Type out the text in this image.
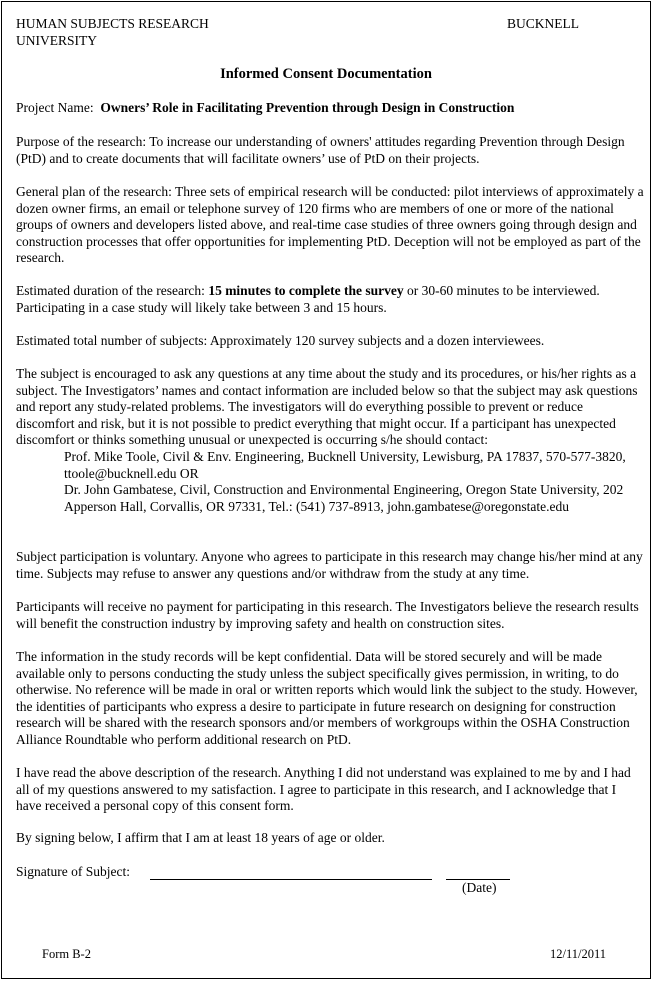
HUMAN SUBJECTS RESEARCH
UNIVERSITY
BUCKNELL
Informed Consent Documentation

Project Name: Owners’ Role in Facilitating Prevention through Design in Construction

Purpose of the research: To increase our understanding of owners' attitudes regarding Prevention through Design (PtD) and to create documents that will facilitate owners’ use of PtD on their projects.

General plan of the research: Three sets of empirical research will be conducted: pilot interviews of approximately a dozen owner firms, an email or telephone survey of 120 firms who are members of one or more of the national groups of owners and developers listed above, and real-time case studies of three owners going through design and construction processes that offer opportunities for implementing PtD. Deception will not be employed as part of the research.

Estimated duration of the research: 15 minutes to complete the survey or 30-60 minutes to be interviewed. Participating in a case study will likely take between 3 and 15 hours.

Estimated total number of subjects: Approximately 120 survey subjects and a dozen interviewees.

The subject is encouraged to ask any questions at any time about the study and its procedures, or his/her rights as a subject. The Investigators’ names and contact information are included below so that the subject may ask questions and report any study-related problems. The investigators will do everything possible to prevent or reduce discomfort and risk, but it is not possible to predict everything that might occur. If a participant has unexpected discomfort or thinks something unusual or unexpected is occurring s/he should contact:

Prof. Mike Toole, Civil & Env. Engineering, Bucknell University, Lewisburg, PA 17837, 570-577-3820, ttoole@bucknell.edu OR

Dr. John Gambatese, Civil, Construction and Environmental Engineering, Oregon State University, 202 Apperson Hall, Corvallis, OR 97331, Tel.: (541) 737-8913, john.gambatese@oregonstate.edu

Subject participation is voluntary. Anyone who agrees to participate in this research may change his/her mind at any time. Subjects may refuse to answer any questions and/or withdraw from the study at any time.

Participants will receive no payment for participating in this research. The Investigators believe the research results will benefit the construction industry by improving safety and health on construction sites.

The information in the study records will be kept confidential. Data will be stored securely and will be made available only to persons conducting the study unless the subject specifically gives permission, in writing, to do otherwise. No reference will be made in oral or written reports which would link the subject to the study. However, the identities of participants who express a desire to participate in future research on designing for construction research will be shared with the research sponsors and/or members of workgroups within the OSHA Construction Alliance Roundtable who perform additional research on PtD.

I have read the above description of the research. Anything I did not understand was explained to me by and I had all of my questions answered to my satisfaction. I agree to participate in this research, and I acknowledge that I have received a personal copy of this consent form.

By signing below, I affirm that I am at least 18 years of age or older.

Signature of Subject:
(Date)
Form B-2	12/11/2011
